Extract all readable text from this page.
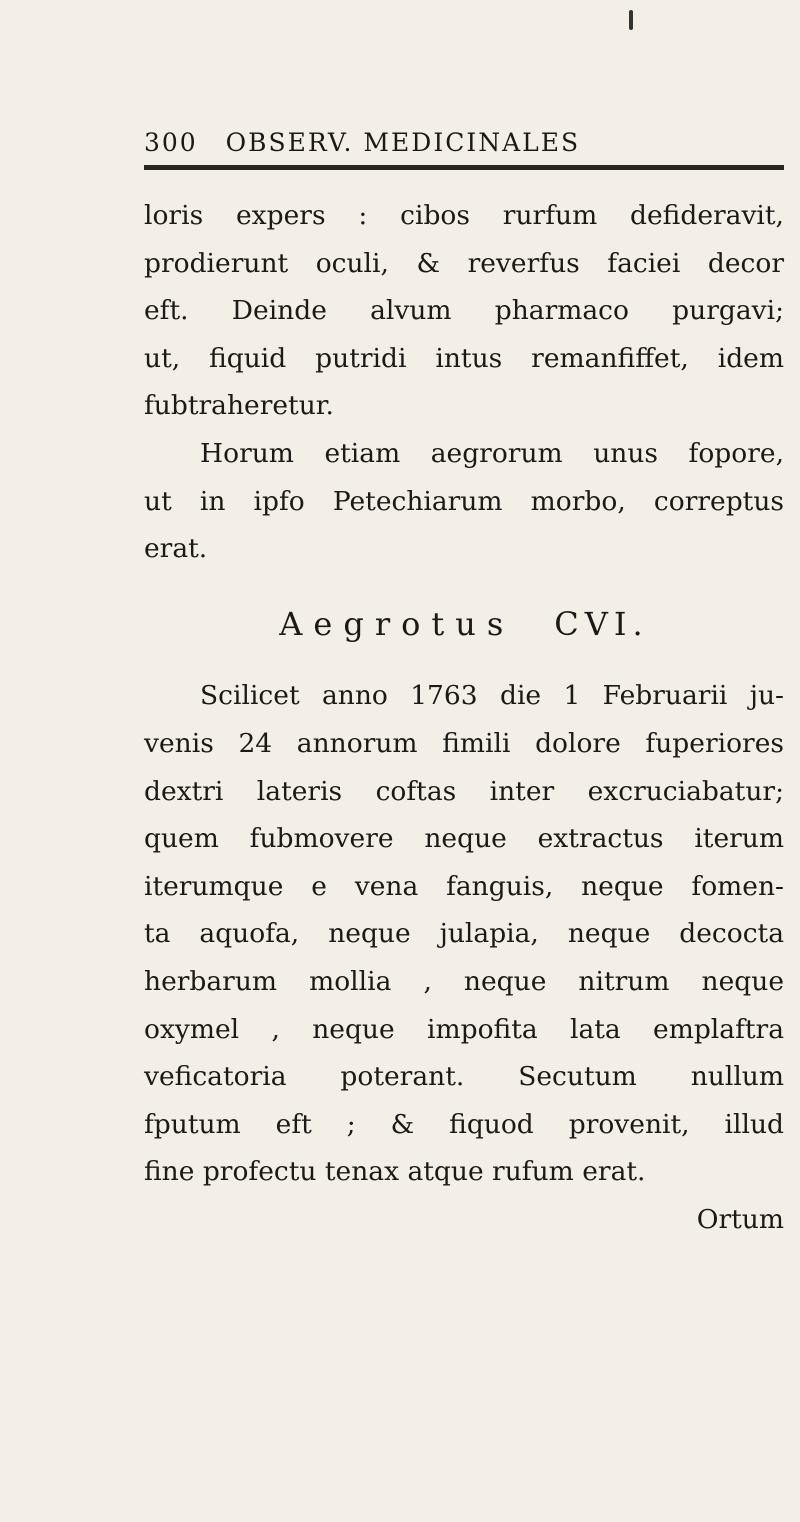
300 OBSERV. MEDICINALES
loris expers : cibos rurfum defideravit,
prodierunt oculi, & reverfus faciei decor
eft. Deinde alvum pharmaco purgavi;
ut, fiquid putridi intus remanfiffet, idem
fubtraheretur.
Horum etiam aegrorum unus fopore,
ut in ipfo Petechiarum morbo, correptus
erat.
Aegrotus CVI.
Scilicet anno 1763 die 1 Februarii ju-
venis 24 annorum fimili dolore fuperiores
dextri lateris coftas inter excruciabatur;
quem fubmovere neque extractus iterum
iterumque e vena fanguis, neque fomen-
ta aquofa, neque julapia, neque decocta
herbarum mollia , neque nitrum neque
oxymel , neque impofita lata emplaftra
veficatoria poterant. Secutum nullum
fputum eft ; & fiquod provenit, illud
fine profectu tenax atque rufum erat.
Ortum
